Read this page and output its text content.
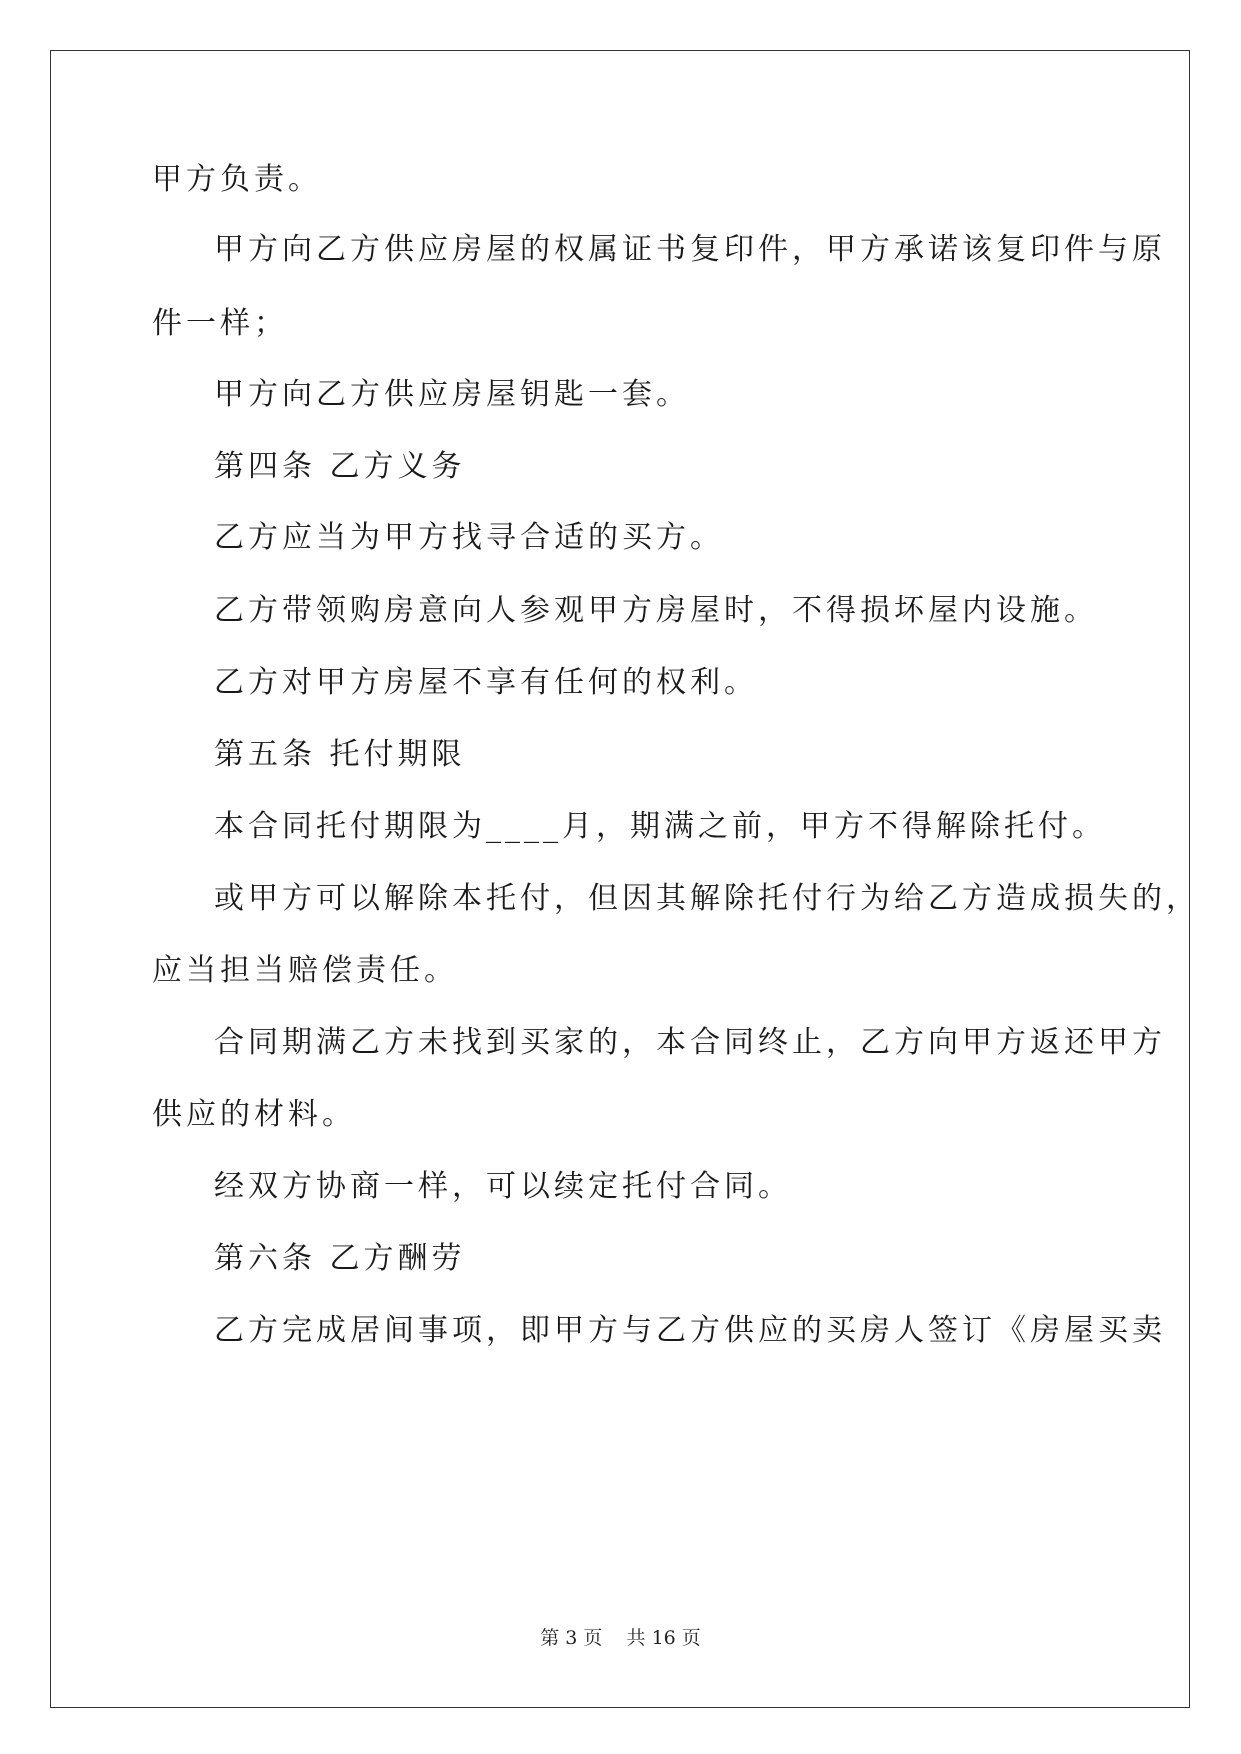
甲方负责。
甲方向乙方供应房屋的权属证书复印件，甲方承诺该复印件与原
件一样；
甲方向乙方供应房屋钥匙一套。
第四条 乙方义务
乙方应当为甲方找寻合适的买方。
乙方带领购房意向人参观甲方房屋时，不得损坏屋内设施。
乙方对甲方房屋不享有任何的权利。
第五条 托付期限
本合同托付期限为____月，期满之前，甲方不得解除托付。
或甲方可以解除本托付，但因其解除托付行为给乙方造成损失的，
应当担当赔偿责任。
合同期满乙方未找到买家的，本合同终止，乙方向甲方返还甲方
供应的材料。
经双方协商一样，可以续定托付合同。
第六条 乙方酬劳
乙方完成居间事项，即甲方与乙方供应的买房人签订《房屋买卖
第 3 页    共 16 页
